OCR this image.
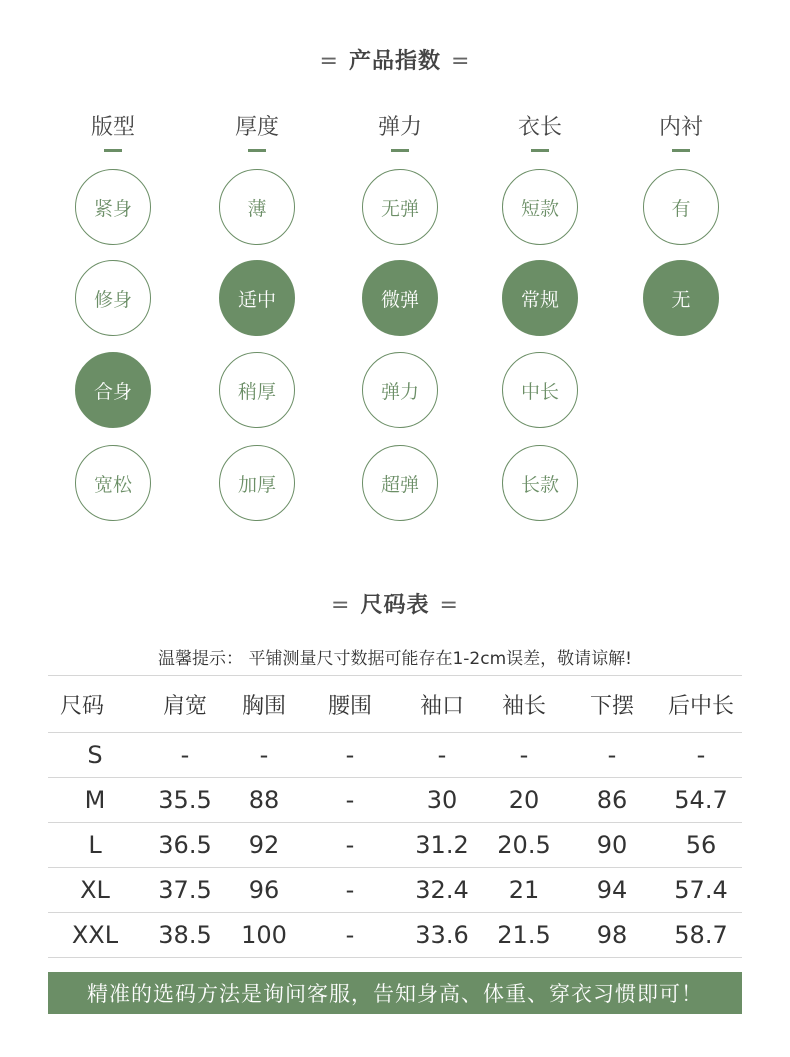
= 产品指数 =
版型
紧身
修身
合身
宽松
厚度
薄
适中
稍厚
加厚
弹力
无弹
微弹
弹力
超弹
衣长
短款
常规
中长
长款
内衬
有
无
= 尺码表 =
温馨提示： 平铺测量尺寸数据可能存在1-2cm误差，敬请谅解!
尺码	肩宽	胸围	腰围	袖口	袖长	下摆	后中长
S	-	-	-	-	-	-	-
M	35.5	88	-	30	20	86	54.7
L	36.5	92	-	31.2	20.5	90	56
XL	37.5	96	-	32.4	21	94	57.4
XXL	38.5	100	-	33.6	21.5	98	58.7
精准的选码方法是询问客服，告知身高、体重、穿衣习惯即可！
